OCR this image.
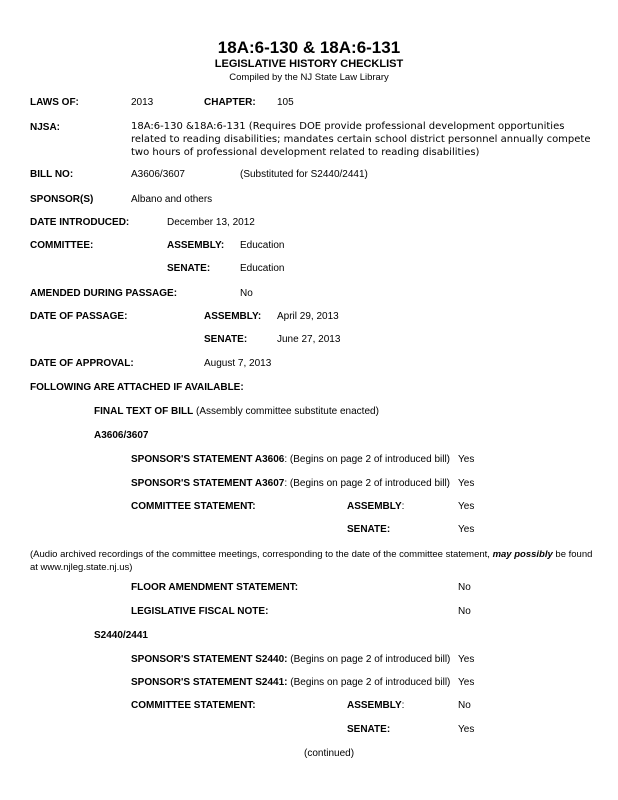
18A:6-130 & 18A:6-131
LEGISLATIVE HISTORY CHECKLIST
Compiled by the NJ State Law Library
LAWS OF:	2013	CHAPTER: 105
NJSA:	18A:6-130 &18A:6-131 (Requires DOE provide professional development opportunities related to reading disabilities; mandates certain school district personnel annually compete two hours of professional development related to reading disabilities)
BILL NO:	A3606/3607	(Substituted for S2440/2441)
SPONSOR(S)	Albano and others
DATE INTRODUCED:	December 13, 2012
COMMITTEE:	ASSEMBLY: Education
SENATE:	Education
AMENDED DURING PASSAGE:	No
DATE OF PASSAGE:	ASSEMBLY: April 29, 2013
SENATE:	June 27, 2013
DATE OF APPROVAL:	August 7, 2013
FOLLOWING ARE ATTACHED IF AVAILABLE:
FINAL TEXT OF BILL (Assembly committee substitute enacted)
A3606/3607
SPONSOR'S STATEMENT A3606: (Begins on page 2 of introduced bill) Yes
SPONSOR'S STATEMENT A3607: (Begins on page 2 of introduced bill) Yes
COMMITTEE STATEMENT:	ASSEMBLY:	Yes
SENATE:	Yes
(Audio archived recordings of the committee meetings, corresponding to the date of the committee statement, may possibly be found at www.njleg.state.nj.us)
FLOOR AMENDMENT STATEMENT:	No
LEGISLATIVE FISCAL NOTE:	No
S2440/2441
SPONSOR'S STATEMENT S2440: (Begins on page 2 of introduced bill) Yes
SPONSOR'S STATEMENT S2441: (Begins on page 2 of introduced bill) Yes
COMMITTEE STATEMENT:	ASSEMBLY:	No
SENATE:	Yes
(continued)
